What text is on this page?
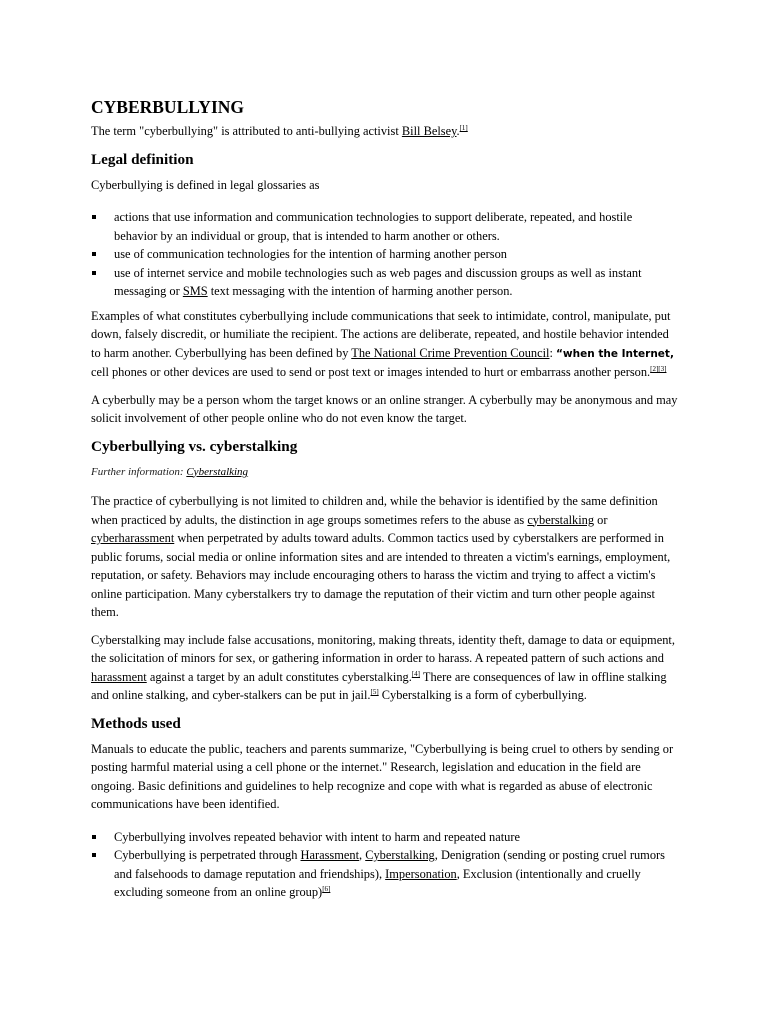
CYBERBULLYING

The term "cyberbullying" is attributed to anti-bullying activist Bill Belsey.[1]

Legal definition

Cyberbullying is defined in legal glossaries as

actions that use information and communication technologies to support deliberate, repeated, and hostile behavior by an individual or group, that is intended to harm another or others.
use of communication technologies for the intention of harming another person
use of internet service and mobile technologies such as web pages and discussion groups as well as instant messaging or SMS text messaging with the intention of harming another person.

Examples of what constitutes cyberbullying include communications that seek to intimidate, control, manipulate, put down, falsely discredit, or humiliate the recipient. The actions are deliberate, repeated, and hostile behavior intended to harm another. Cyberbullying has been defined by The National Crime Prevention Council: “when the Internet, cell phones or other devices are used to send or post text or images intended to hurt or embarrass another person.[2][3]

A cyberbully may be a person whom the target knows or an online stranger. A cyberbully may be anonymous and may solicit involvement of other people online who do not even know the target.

Cyberbullying vs. cyberstalking

Further information: Cyberstalking

The practice of cyberbullying is not limited to children and, while the behavior is identified by the same definition when practiced by adults, the distinction in age groups sometimes refers to the abuse as cyberstalking or cyberharassment when perpetrated by adults toward adults. Common tactics used by cyberstalkers are performed in public forums, social media or online information sites and are intended to threaten a victim's earnings, employment, reputation, or safety. Behaviors may include encouraging others to harass the victim and trying to affect a victim's online participation. Many cyberstalkers try to damage the reputation of their victim and turn other people against them.

Cyberstalking may include false accusations, monitoring, making threats, identity theft, damage to data or equipment, the solicitation of minors for sex, or gathering information in order to harass. A repeated pattern of such actions and harassment against a target by an adult constitutes cyberstalking.[4] There are consequences of law in offline stalking and online stalking, and cyber-stalkers can be put in jail.[5] Cyberstalking is a form of cyberbullying.

Methods used

Manuals to educate the public, teachers and parents summarize, "Cyberbullying is being cruel to others by sending or posting harmful material using a cell phone or the internet." Research, legislation and education in the field are ongoing. Basic definitions and guidelines to help recognize and cope with what is regarded as abuse of electronic communications have been identified.

Cyberbullying involves repeated behavior with intent to harm and repeated nature
Cyberbullying is perpetrated through Harassment, Cyberstalking, Denigration (sending or posting cruel rumors and falsehoods to damage reputation and friendships), Impersonation, Exclusion (intentionally and cruelly excluding someone from an online group)[6]
